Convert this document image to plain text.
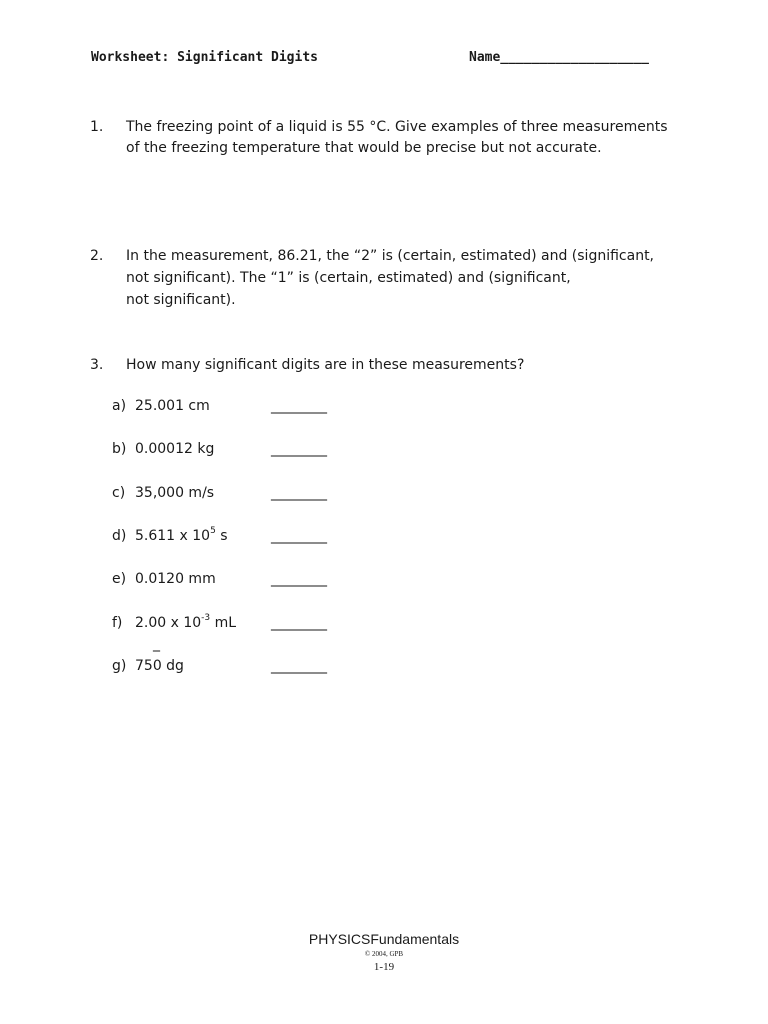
Worksheet: Significant Digits	Name___________________
1. The freezing point of a liquid is 55 °C. Give examples of three measurements
of the freezing temperature that would be precise but not accurate.
2. In the measurement, 86.21, the “2” is (certain, estimated) and (significant,
not significant). The “1” is (certain, estimated) and (significant,
not significant).
3. How many significant digits are in these measurements?
a) 25.001 cm	________
b) 0.00012 kg	________
c) 35,000 m/s	________
d) 5.611 x $10^5$ s	________
e) 0.0120 mm	________
f) 2.00 x $10^{-3}$ mL ________
_
g) 750 dg	________
PHYSICSFundamentals
© 2004, GPB
1-19
